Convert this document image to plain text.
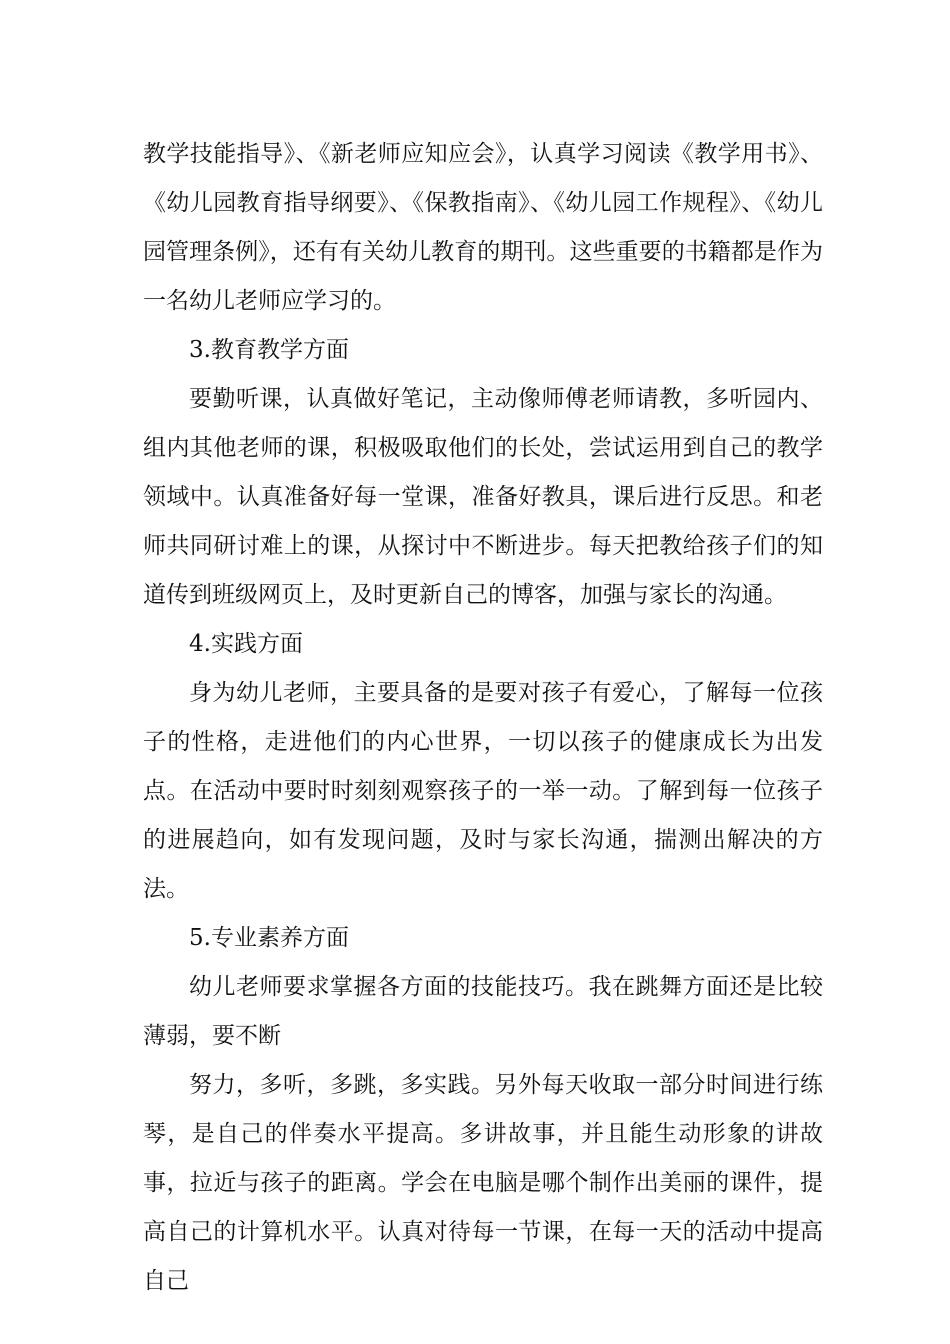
教学技能指导》、《新老师应知应会》，认真学习阅读《教学用书》、《幼儿园教育指导纲要》、《保教指南》、《幼儿园工作规程》、《幼儿园管理条例》，还有有关幼儿教育的期刊。这些重要的书籍都是作为一名幼儿老师应学习的。

3.教育教学方面

要勤听课，认真做好笔记，主动像师傅老师请教，多听园内、组内其他老师的课，积极吸取他们的长处，尝试运用到自己的教学领域中。认真准备好每一堂课，准备好教具，课后进行反思。和老师共同研讨难上的课，从探讨中不断进步。每天把教给孩子们的知道传到班级网页上，及时更新自己的博客，加强与家长的沟通。

4.实践方面

身为幼儿老师，主要具备的是要对孩子有爱心，了解每一位孩子的性格，走进他们的内心世界，一切以孩子的健康成长为出发点。在活动中要时时刻刻观察孩子的一举一动。了解到每一位孩子的进展趋向，如有发现问题，及时与家长沟通，揣测出解决的方法。

5.专业素养方面

幼儿老师要求掌握各方面的技能技巧。我在跳舞方面还是比较薄弱，要不断

努力，多听，多跳，多实践。另外每天收取一部分时间进行练琴，是自己的伴奏水平提高。多讲故事，并且能生动形象的讲故事，拉近与孩子的距离。学会在电脑是哪个制作出美丽的课件，提高自己的计算机水平。认真对待每一节课，在每一天的活动中提高自己
